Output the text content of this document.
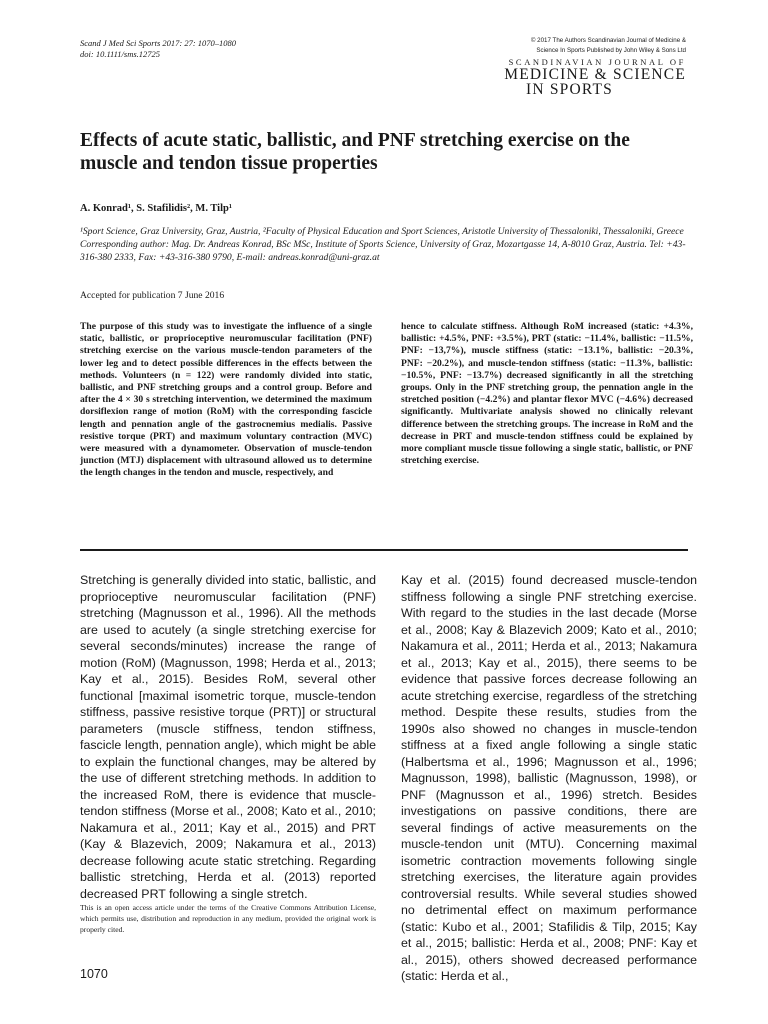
Scand J Med Sci Sports 2017: 27: 1070–1080
doi: 10.1111/sms.12725
© 2017 The Authors Scandinavian Journal of Medicine &
Science In Sports Published by John Wiley & Sons Ltd
SCANDINAVIAN JOURNAL OF
MEDICINE & SCIENCE
IN SPORTS
Effects of acute static, ballistic, and PNF stretching exercise on the muscle and tendon tissue properties
A. Konrad¹, S. Stafilidis², M. Tilp¹
¹Sport Science, Graz University, Graz, Austria, ²Faculty of Physical Education and Sport Sciences, Aristotle University of Thessaloniki, Thessaloniki, Greece
Corresponding author: Mag. Dr. Andreas Konrad, BSc MSc, Institute of Sports Science, University of Graz, Mozartgasse 14, A-8010 Graz, Austria. Tel: +43-316-380 2333, Fax: +43-316-380 9790, E-mail: andreas.konrad@uni-graz.at
Accepted for publication 7 June 2016
The purpose of this study was to investigate the influence of a single static, ballistic, or proprioceptive neuromuscular facilitation (PNF) stretching exercise on the various muscle-tendon parameters of the lower leg and to detect possible differences in the effects between the methods. Volunteers (n = 122) were randomly divided into static, ballistic, and PNF stretching groups and a control group. Before and after the 4 × 30 s stretching intervention, we determined the maximum dorsiflexion range of motion (RoM) with the corresponding fascicle length and pennation angle of the gastrocnemius medialis. Passive resistive torque (PRT) and maximum voluntary contraction (MVC) were measured with a dynamometer. Observation of muscle-tendon junction (MTJ) displacement with ultrasound allowed us to determine the length changes in the tendon and muscle, respectively, and
hence to calculate stiffness. Although RoM increased (static: +4.3%, ballistic: +4.5%, PNF: +3.5%), PRT (static: −11.4%, ballistic: −11.5%, PNF: −13,7%), muscle stiffness (static: −13.1%, ballistic: −20.3%, PNF: −20.2%), and muscle-tendon stiffness (static: −11.3%, ballistic: −10.5%, PNF: −13.7%) decreased significantly in all the stretching groups. Only in the PNF stretching group, the pennation angle in the stretched position (−4.2%) and plantar flexor MVC (−4.6%) decreased significantly. Multivariate analysis showed no clinically relevant difference between the stretching groups. The increase in RoM and the decrease in PRT and muscle-tendon stiffness could be explained by more compliant muscle tissue following a single static, ballistic, or PNF stretching exercise.
Stretching is generally divided into static, ballistic, and proprioceptive neuromuscular facilitation (PNF) stretching (Magnusson et al., 1996). All the methods are used to acutely (a single stretching exercise for several seconds/minutes) increase the range of motion (RoM) (Magnusson, 1998; Herda et al., 2013; Kay et al., 2015). Besides RoM, several other functional [maximal isometric torque, muscle-tendon stiffness, passive resistive torque (PRT)] or structural parameters (muscle stiffness, tendon stiffness, fascicle length, pennation angle), which might be able to explain the functional changes, may be altered by the use of different stretching methods. In addition to the increased RoM, there is evidence that muscle-tendon stiffness (Morse et al., 2008; Kato et al., 2010; Nakamura et al., 2011; Kay et al., 2015) and PRT (Kay & Blazevich, 2009; Nakamura et al., 2013) decrease following acute static stretching. Regarding ballistic stretching, Herda et al. (2013) reported decreased PRT following a single stretch.
Kay et al. (2015) found decreased muscle-tendon stiffness following a single PNF stretching exercise. With regard to the studies in the last decade (Morse et al., 2008; Kay & Blazevich 2009; Kato et al., 2010; Nakamura et al., 2011; Herda et al., 2013; Nakamura et al., 2013; Kay et al., 2015), there seems to be evidence that passive forces decrease following an acute stretching exercise, regardless of the stretching method. Despite these results, studies from the 1990s also showed no changes in muscle-tendon stiffness at a fixed angle following a single static (Halbertsma et al., 1996; Magnusson et al., 1996; Magnusson, 1998), ballistic (Magnusson, 1998), or PNF (Magnusson et al., 1996) stretch. Besides investigations on passive conditions, there are several findings of active measurements on the muscle-tendon unit (MTU). Concerning maximal isometric contraction movements following single stretching exercises, the literature again provides controversial results. While several studies showed no detrimental effect on maximum performance (static: Kubo et al., 2001; Stafilidis & Tilp, 2015; Kay et al., 2015; ballistic: Herda et al., 2008; PNF: Kay et al., 2015), others showed decreased performance (static: Herda et al.,
This is an open access article under the terms of the Creative Commons Attribution License, which permits use, distribution and reproduction in any medium, provided the original work is properly cited.
1070
